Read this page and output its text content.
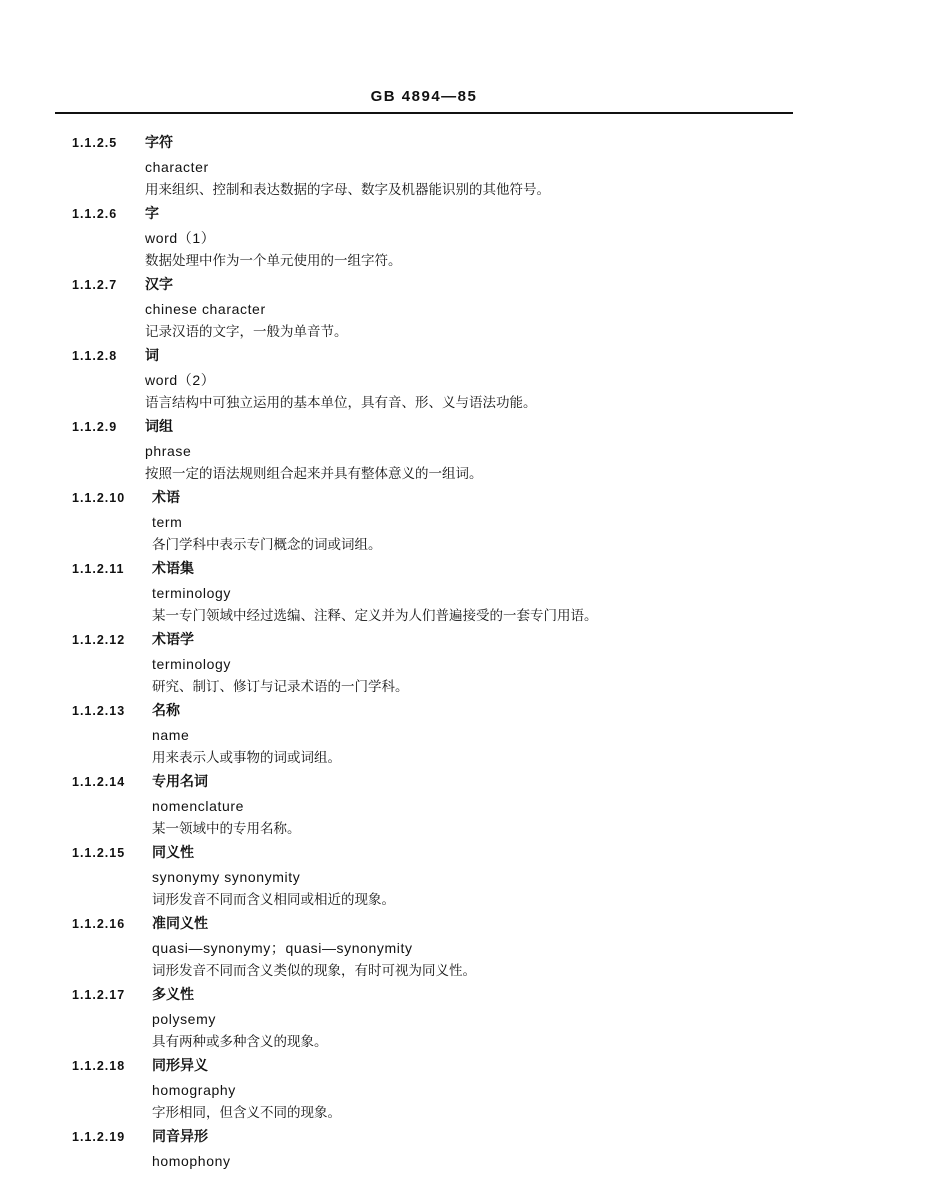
GB 4894—85
1.1.2.5	字符
character
用来组织、控制和表达数据的字母、数字及机器能识别的其他符号。
1.1.2.6	字
word（1）
数据处理中作为一个单元使用的一组字符。
1.1.2.7	汉字
chinese character
记录汉语的文字，一般为单音节。
1.1.2.8	词
word（2）
语言结构中可独立运用的基本单位，具有音、形、义与语法功能。
1.1.2.9	词组
phrase
按照一定的语法规则组合起来并具有整体意义的一组词。
1.1.2.10	术语
term
各门学科中表示专门概念的词或词组。
1.1.2.11	术语集
terminology
某一专门领域中经过选编、注释、定义并为人们普遍接受的一套专门用语。
1.1.2.12	术语学
terminology
研究、制订、修订与记录术语的一门学科。
1.1.2.13	名称
name
用来表示人或事物的词或词组。
1.1.2.14	专用名词
nomenclature
某一领域中的专用名称。
1.1.2.15	同义性
synonymy synonymity
词形发音不同而含义相同或相近的现象。
1.1.2.16	准同义性
quasi—synonymy；quasi—synonymity
词形发音不同而含义类似的现象，有时可视为同义性。
1.1.2.17	多义性
polysemy
具有两种或多种含义的现象。
1.1.2.18	同形异义
homography
字形相同，但含义不同的现象。
1.1.2.19	同音异形
homophony
